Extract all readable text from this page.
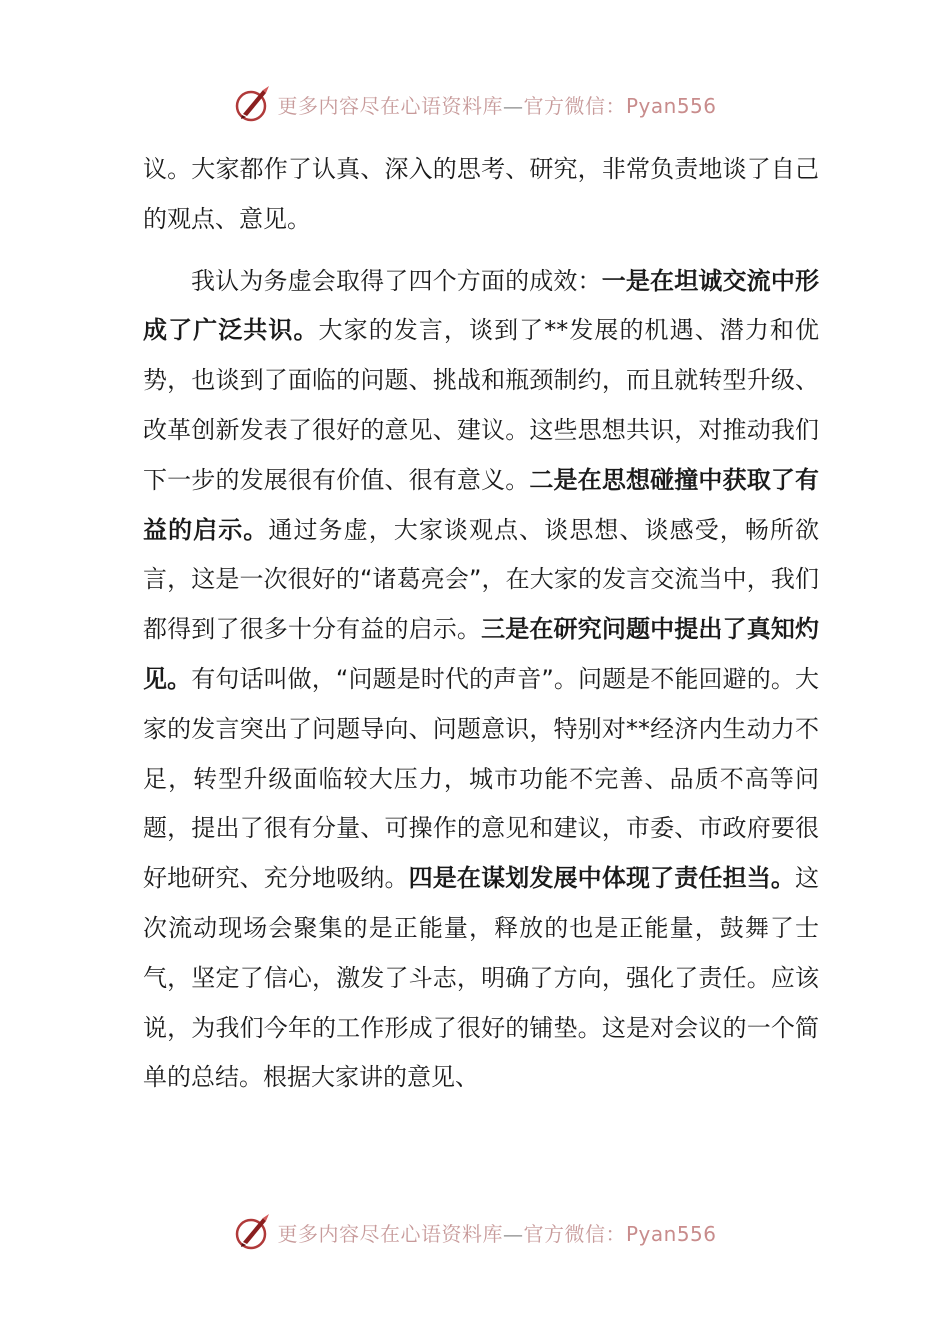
更多内容尽在心语资料库—官方微信：Pyan556

议。大家都作了认真、深入的思考、研究，非常负责地谈了自己的观点、意见。

我认为务虚会取得了四个方面的成效：一是在坦诚交流中形成了广泛共识。大家的发言，谈到了**发展的机遇、潜力和优势，也谈到了面临的问题、挑战和瓶颈制约，而且就转型升级、改革创新发表了很好的意见、建议。这些思想共识，对推动我们下一步的发展很有价值、很有意义。二是在思想碰撞中获取了有益的启示。通过务虚，大家谈观点、谈思想、谈感受，畅所欲言，这是一次很好的“诸葛亮会”，在大家的发言交流当中，我们都得到了很多十分有益的启示。三是在研究问题中提出了真知灼见。有句话叫做，“问题是时代的声音”。问题是不能回避的。大家的发言突出了问题导向、问题意识，特别对**经济内生动力不足，转型升级面临较大压力，城市功能不完善、品质不高等问题，提出了很有分量、可操作的意见和建议，市委、市政府要很好地研究、充分地吸纳。四是在谋划发展中体现了责任担当。这次流动现场会聚集的是正能量，释放的也是正能量，鼓舞了士气，坚定了信心，激发了斗志，明确了方向，强化了责任。应该说，为我们今年的工作形成了很好的铺垫。这是对会议的一个简单的总结。根据大家讲的意见、

更多内容尽在心语资料库—官方微信：Pyan556
